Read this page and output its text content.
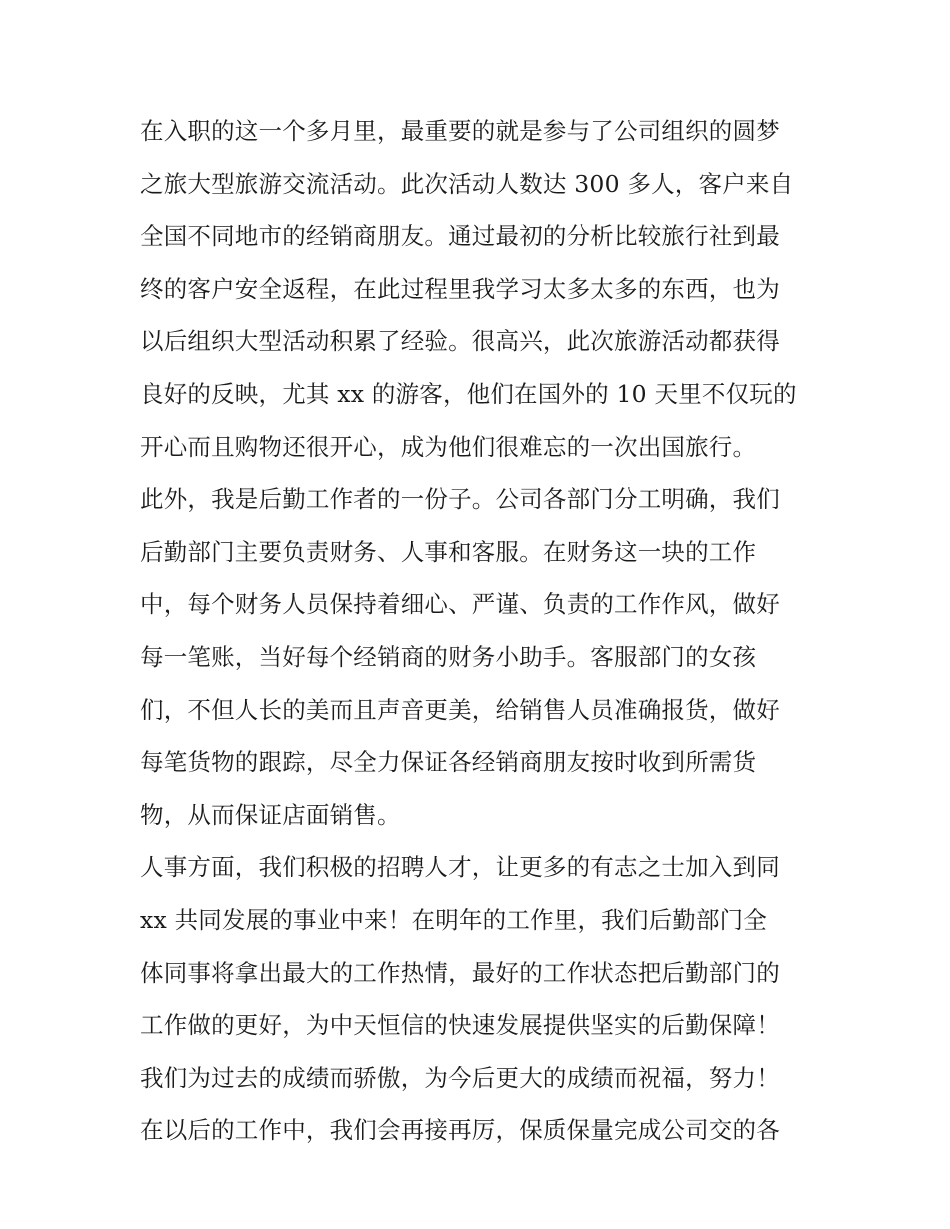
在入职的这一个多月里，最重要的就是参与了公司组织的圆梦
之旅大型旅游交流活动。此次活动人数达 300 多人，客户来自
全国不同地市的经销商朋友。通过最初的分析比较旅行社到最
终的客户安全返程，在此过程里我学习太多太多的东西，也为
以后组织大型活动积累了经验。很高兴，此次旅游活动都获得
良好的反映，尤其 xx 的游客，他们在国外的 10 天里不仅玩的
开心而且购物还很开心，成为他们很难忘的一次出国旅行。
此外，我是后勤工作者的一份子。公司各部门分工明确，我们
后勤部门主要负责财务、人事和客服。在财务这一块的工作
中，每个财务人员保持着细心、严谨、负责的工作作风，做好
每一笔账，当好每个经销商的财务小助手。客服部门的女孩
们，不但人长的美而且声音更美，给销售人员准确报货，做好
每笔货物的跟踪，尽全力保证各经销商朋友按时收到所需货
物，从而保证店面销售。
人事方面，我们积极的招聘人才，让更多的有志之士加入到同
xx 共同发展的事业中来！在明年的工作里，我们后勤部门全
体同事将拿出最大的工作热情，最好的工作状态把后勤部门的
工作做的更好，为中天恒信的快速发展提供坚实的后勤保障！
我们为过去的成绩而骄傲，为今后更大的成绩而祝福，努力！
在以后的工作中，我们会再接再厉，保质保量完成公司交的各
